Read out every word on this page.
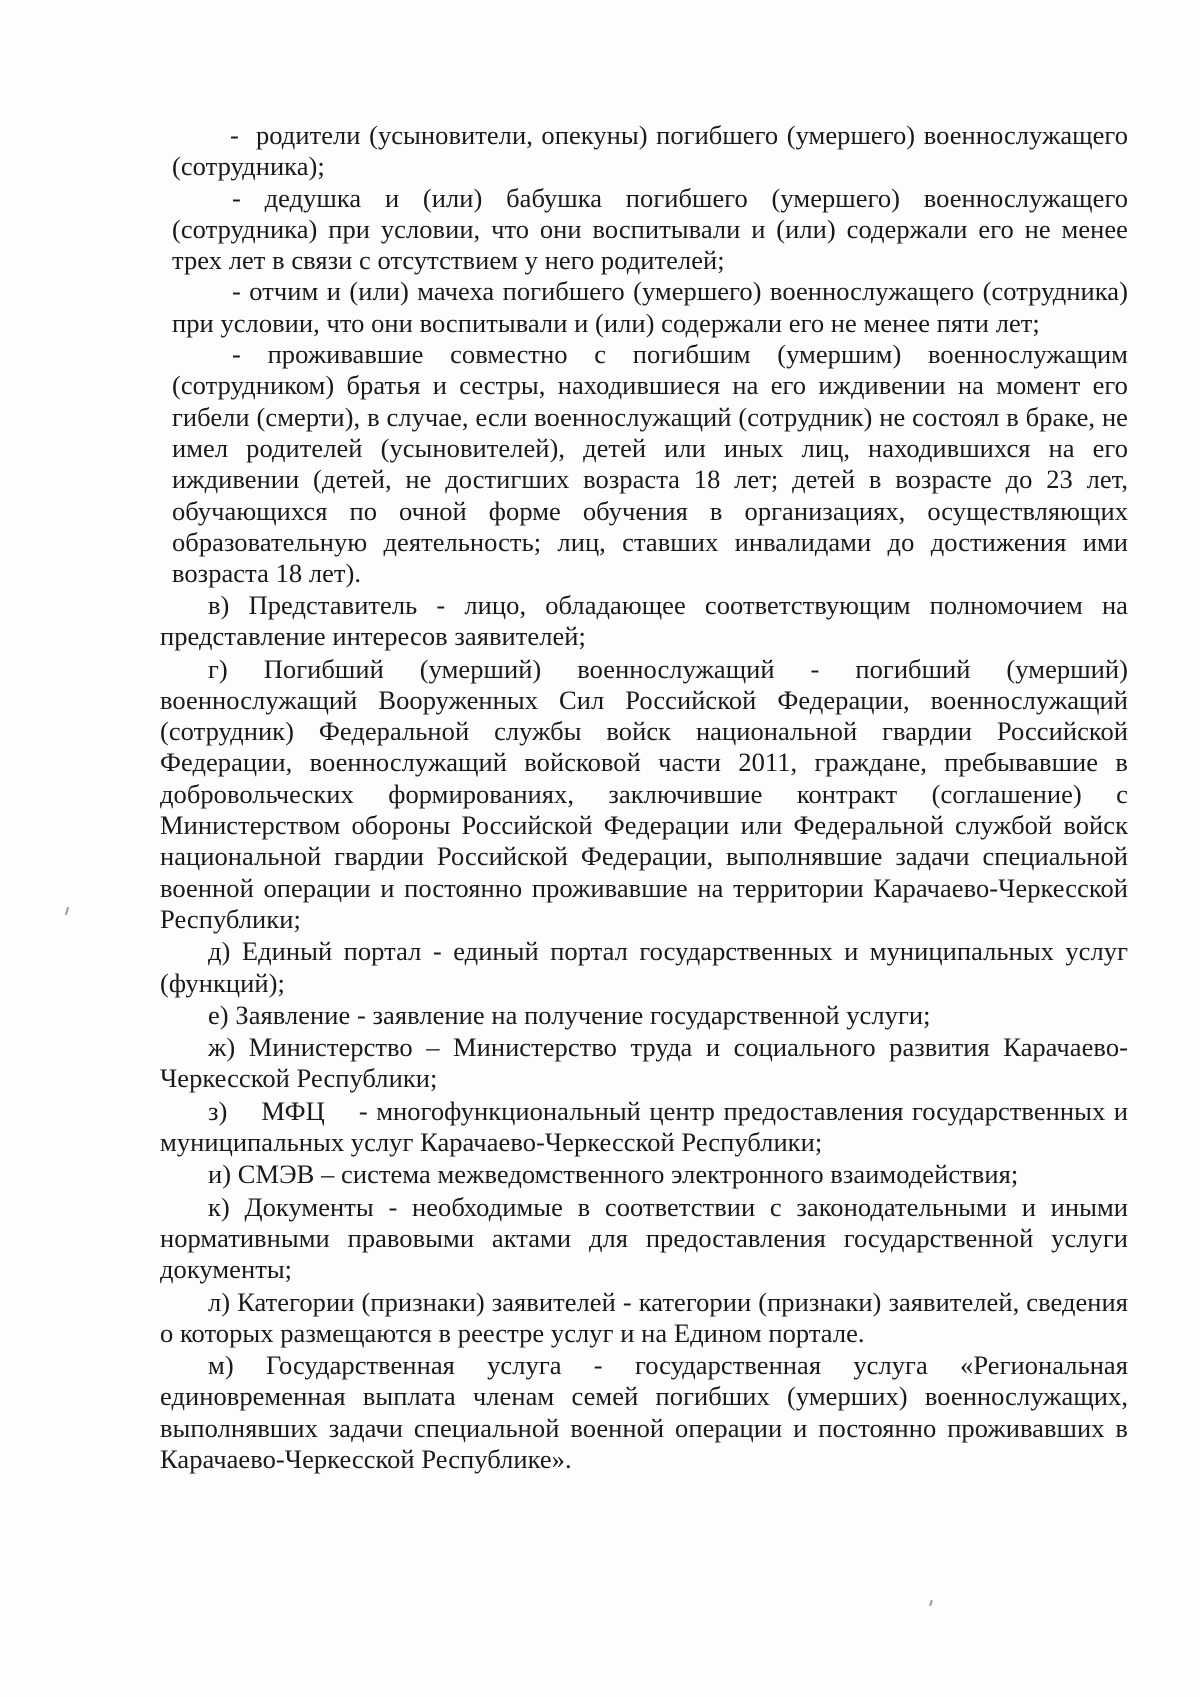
-  родители (усыновители, опекуны) погибшего (умершего) военнослужащего (сотрудника);

- дедушка и (или) бабушка погибшего (умершего) военнослужащего (сотрудника) при условии, что они воспитывали и (или) содержали его не менее трех лет в связи с отсутствием у него родителей;

- отчим и (или) мачеха погибшего (умершего) военнослужащего (сотрудника) при условии, что они воспитывали и (или) содержали его не менее пяти лет;

- проживавшие совместно с погибшим (умершим) военнослужащим (сотрудником) братья и сестры, находившиеся на его иждивении на момент его гибели (смерти), в случае, если военнослужащий (сотрудник) не состоял в браке, не имел родителей (усыновителей), детей или иных лиц, находившихся на его иждивении (детей, не достигших возраста 18 лет; детей в возрасте до 23 лет, обучающихся по очной форме обучения в организациях, осуществляющих образовательную деятельность; лиц, ставших инвалидами до достижения ими возраста 18 лет).

в) Представитель - лицо, обладающее соответствующим полномочием на представление интересов заявителей;

г) Погибший (умерший) военнослужащий - погибший (умерший) военнослужащий Вооруженных Сил Российской Федерации, военнослужащий (сотрудник) Федеральной службы войск национальной гвардии Российской Федерации, военнослужащий войсковой части 2011, граждане, пребывавшие в добровольческих формированиях, заключившие контракт (соглашение) с Министерством обороны Российской Федерации или Федеральной службой войск национальной гвардии Российской Федерации, выполнявшие задачи специальной военной операции и постоянно проживавшие на территории Карачаево-Черкесской Республики;

д) Единый портал - единый портал государственных и муниципальных услуг (функций);

е) Заявление - заявление на получение государственной услуги;

ж) Министерство – Министерство труда и социального развития Карачаево-Черкесской Республики;

з)    МФЦ    - многофункциональный центр предоставления государственных и муниципальных услуг Карачаево-Черкесской Республики;

и) СМЭВ – система межведомственного электронного взаимодействия;

к) Документы - необходимые в соответствии с законодательными и иными нормативными правовыми актами для предоставления государственной услуги документы;

л) Категории (признаки) заявителей - категории (признаки) заявителей, сведения о которых размещаются в реестре услуг и на Едином портале.

м) Государственная услуга - государственная услуга «Региональная единовременная выплата членам семей погибших (умерших) военнослужащих, выполнявших задачи специальной военной операции и постоянно проживавших в Карачаево-Черкесской Республике».
